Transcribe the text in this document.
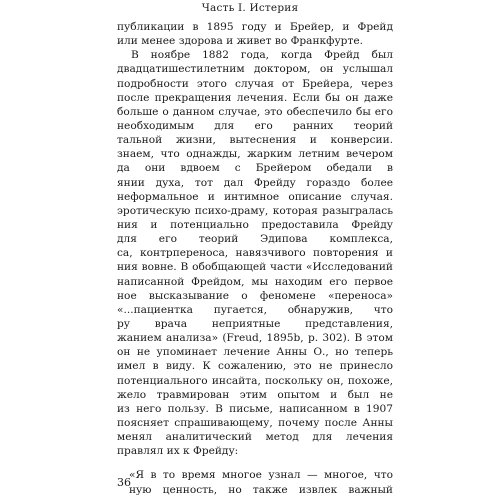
Часть I. Истерия
публикации в 1895 году и Брейер, и Фрейд
или менее здорова и живет во Франкфурте.
В ноябре 1882 года, когда Фрейд был
двадцатишестилетним доктором, он услышал
подробности этого случая от Брейера, через
после прекращения лечения. Если бы он даже
больше о данном случае, это обеспечило бы его
необходимым для его ранних теорий
тальной жизни, вытеснения и конверсии.
знаем, что однажды, жарким летним вечером
да они вдвоем с Брейером обедали в
янии духа, тот дал Фрейду гораздо более
неформальное и интимное описание случая.
эротическую психо-драму, которая разыгралась
ния и потенциально предоставила Фрейду
для его теорий Эдипова комплекса,
са, контрпереноса, навязчивого повторения и
ния вовне. В обобщающей части «Исследований
написанной Фрейдом, мы находим его первое
ное высказывание о феномене «переноса»
«...пациентка пугается, обнаружив, что
ру врача неприятные представления,
жанием анализа» (Freud, 1895b, p. 302). В этом
он не упоминает лечение Анны О., но теперь
имел в виду. К сожалению, это не принесло
потенциального инсайта, поскольку он, похоже,
жело травмирован этим опытом и был не
из него пользу. В письме, написанном в 1907
поясняет спрашивающему, почему после Анны
менял аналитический метод для лечения
правлял их к Фрейду:
«Я в то время многое узнал — многое, что
ную ценность, но также извлек важный
36
